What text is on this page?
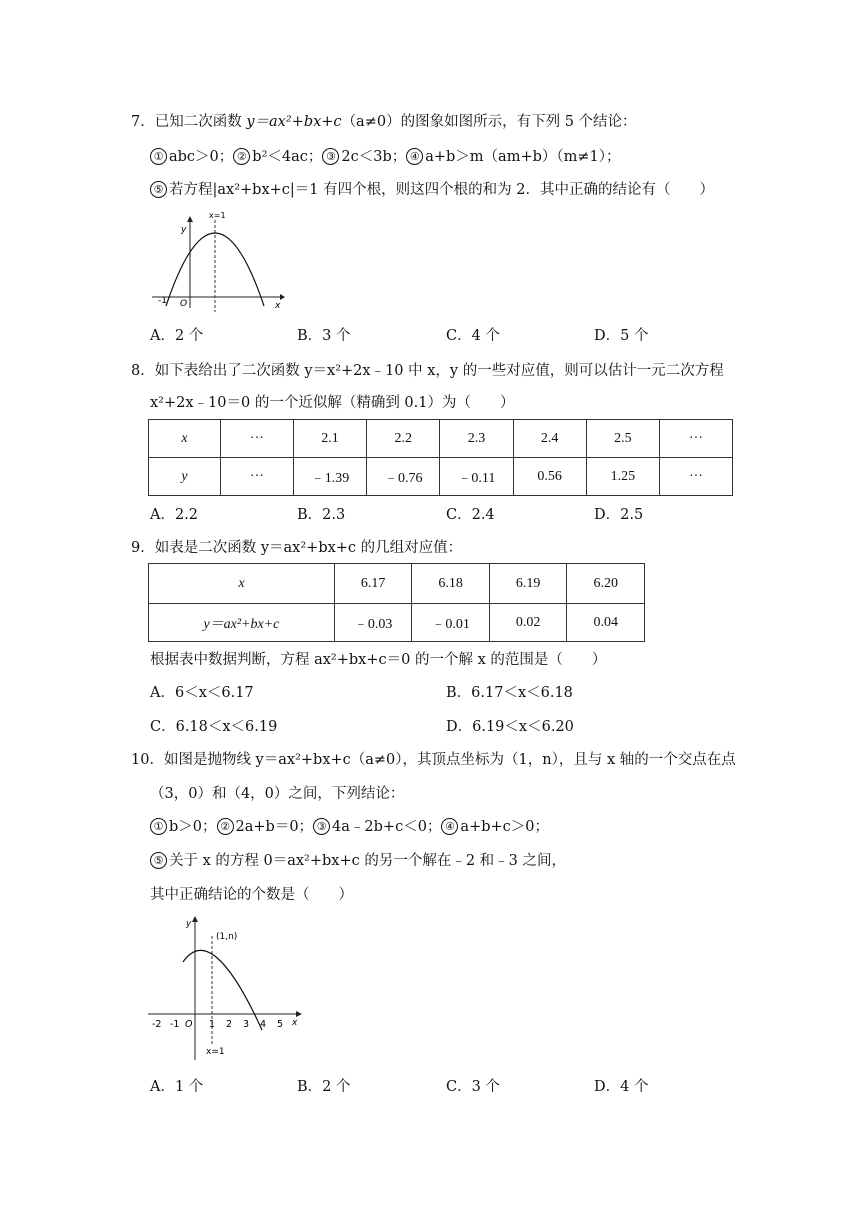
7．已知二次函数 y＝ax²+bx+c（a≠0）的图象如图所示，有下列 5 个结论：
① abc＞0； ② b²＜4ac； ③ 2c＜3b； ④ a+b＞m（am+b）（m≠1）；
⑤ 若方程|ax²+bx+c|＝1 有四个根，则这四个根的和为 2．其中正确的结论有（　　）
y
x
O
-1
x=1
A．2 个	B．3 个	C．4 个	D．5 个
8．如下表给出了二次函数 y＝x²+2x﹣10 中 x，y 的一些对应值，则可以估计一元二次方程
x²+2x﹣10＝0 的一个近似解（精确到 0.1）为（　　）
x	···	2.1	2.2	2.3	2.4	2.5	···
y	···	﹣1.39	﹣0.76	﹣0.11	0.56	1.25	···
A．2.2	B．2.3	C．2.4	D．2.5
9．如表是二次函数 y＝ax²+bx+c 的几组对应值：
x	6.17	6.18	6.19	6.20
y＝ax²+bx+c	﹣0.03	﹣0.01	0.02	0.04
根据表中数据判断，方程 ax²+bx+c＝0 的一个解 x 的范围是（　　）
A．6＜x＜6.17	B．6.17＜x＜6.18
C．6.18＜x＜6.19	D．6.19＜x＜6.20
10．如图是抛物线 y＝ax²+bx+c（a≠0），其顶点坐标为（1，n），且与 x 轴的一个交点在点
（3，0）和（4，0）之间，下列结论：
① b＞0； ② 2a+b＝0； ③ 4a﹣2b+c＜0； ④ a+b+c＞0；
⑤ 关于 x 的方程 0＝ax²+bx+c 的另一个解在﹣2 和﹣3 之间，
其中正确结论的个数是（　　）
y
x
(1,n)
-2 -1 O 1 2 3 4 5
x=1
A．1 个	B．2 个	C．3 个	D．4 个
